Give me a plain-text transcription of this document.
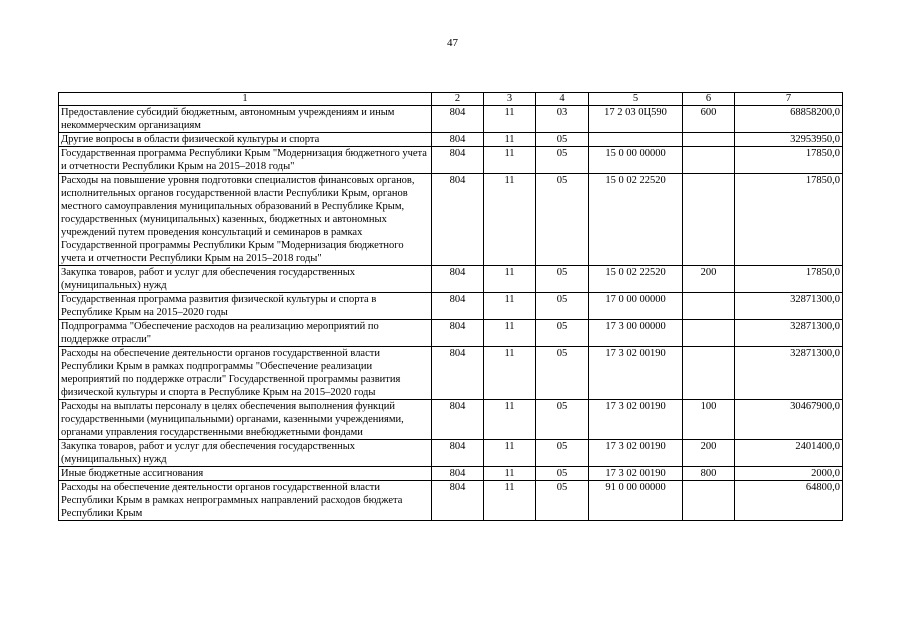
47
1	2	3	4	5	6	7
Предоставление субсидий бюджетным, автономным учреждениям и иным некоммерческим организациям	804	11	03	17 2 03 0Ц590	600	68858200,0
Другие вопросы в области физической культуры и спорта	804	11	05			32953950,0
Государственная программа Республики Крым "Модернизация бюджетного учета и отчетности Республики Крым на 2015–2018 годы"	804	11	05	15 0 00 00000		17850,0
Расходы на повышение уровня подготовки специалистов финансовых органов, исполнительных органов государственной власти Республики Крым, органов местного самоуправления муниципальных образований в Республике Крым, государственных (муниципальных) казенных, бюджетных и автономных учреждений путем проведения консультаций и семинаров в рамках Государственной программы Республики Крым "Модернизация бюджетного учета и отчетности Республики Крым на 2015–2018 годы"	804	11	05	15 0 02 22520		17850,0
Закупка товаров, работ и услуг для обеспечения государственных (муниципальных) нужд	804	11	05	15 0 02 22520	200	17850,0
Государственная программа развития физической культуры и спорта в Республике Крым на 2015–2020 годы	804	11	05	17 0 00 00000		32871300,0
Подпрограмма "Обеспечение расходов на реализацию мероприятий по поддержке отрасли"	804	11	05	17 3 00 00000		32871300,0
Расходы на обеспечение деятельности органов государственной власти Республики Крым в рамках подпрограммы "Обеспечение реализации мероприятий по поддержке отрасли" Государственной программы развития физической культуры и спорта в Республике Крым на 2015–2020 годы	804	11	05	17 3 02 00190		32871300,0
Расходы на выплаты персоналу в целях обеспечения выполнения функций государственными (муниципальными) органами, казенными учреждениями, органами управления государственными внебюджетными фондами	804	11	05	17 3 02 00190	100	30467900,0
Закупка товаров, работ и услуг для обеспечения государственных (муниципальных) нужд	804	11	05	17 3 02 00190	200	2401400,0
Иные бюджетные ассигнования	804	11	05	17 3 02 00190	800	2000,0
Расходы на обеспечение деятельности органов государственной власти Республики Крым в рамках непрограммных направлений расходов бюджета Республики Крым	804	11	05	91 0 00 00000		64800,0
